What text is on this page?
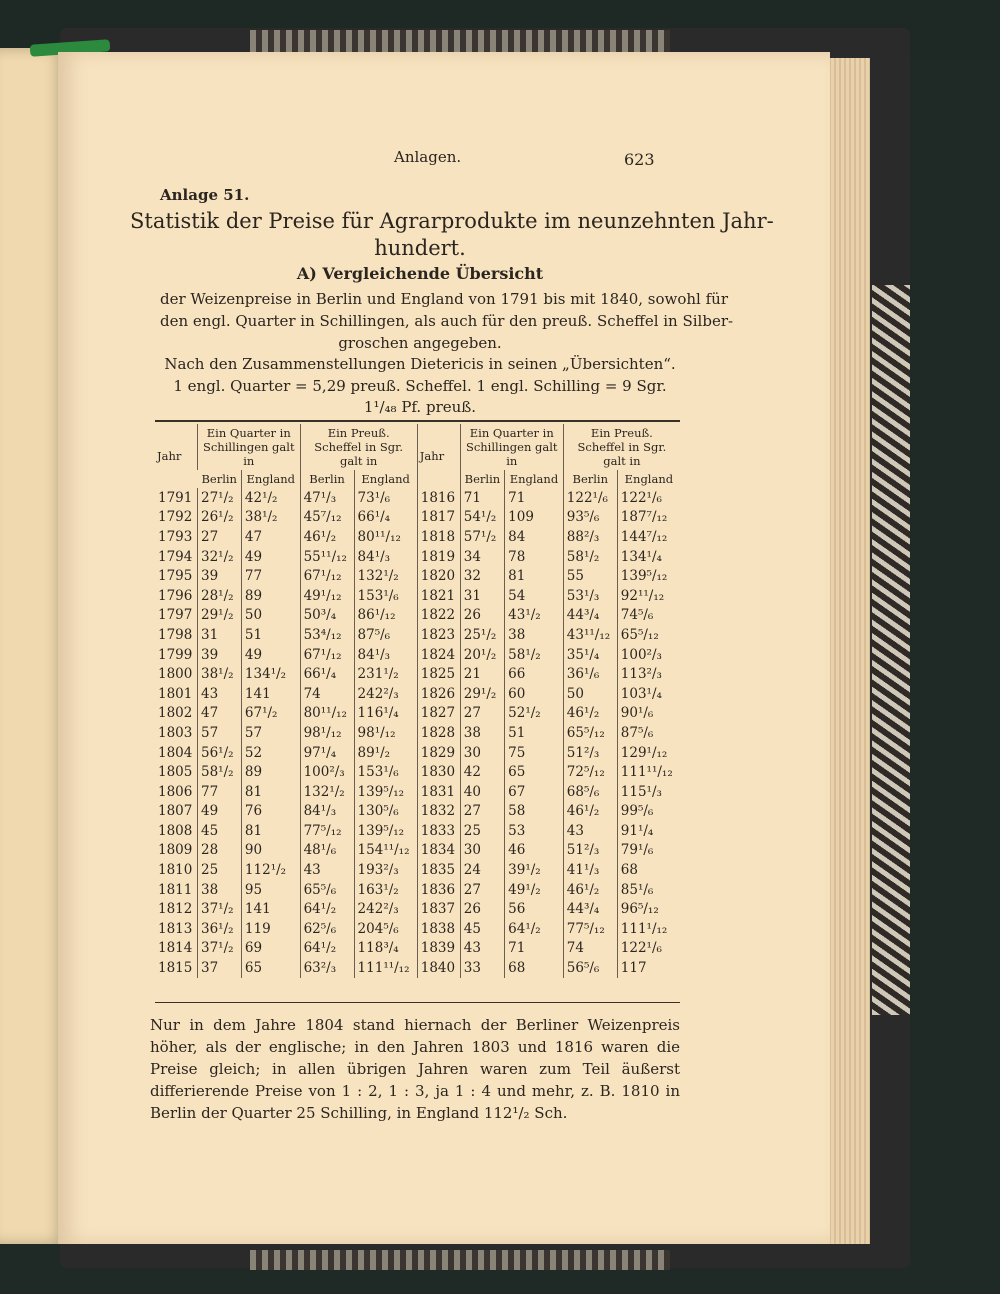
Anlagen.	623
Anlage 51.
Statistik der Preise für Agrarprodukte im neunzehnten Jahr-
hundert.
A) Vergleichende Übersicht
der Weizenpreise in Berlin und England von 1791 bis mit 1840, sowohl für
den engl. Quarter in Schillingen, als auch für den preuß. Scheffel in Silber-
groschen angegeben.
Nach den Zusammenstellungen Dietericis in seinen „Übersichten“.
1 engl. Quarter = 5,29 preuß. Scheffel. 1 engl. Schilling = 9 Sgr.
1¹/₄₈ Pf. preuß.
Jahr	Ein Quarter in Schillingen galt in		Ein Preuß. Scheffel in Sgr. galt in		Jahr	Ein Quarter in Schillingen galt in		Ein Preuß. Scheffel in Sgr. galt in	
	Berlin	England	Berlin	England		Berlin	England	Berlin	England
1791	27¹/₂	42¹/₂	47¹/₃	73¹/₆	1816	71	71	122¹/₆	122¹/₆
1792	26¹/₂	38¹/₂	45⁷/₁₂	66¹/₄	1817	54¹/₂	109	93⁵/₆	187⁷/₁₂
1793	27	47	46¹/₂	80¹¹/₁₂	1818	57¹/₂	84	88²/₃	144⁷/₁₂
1794	32¹/₂	49	55¹¹/₁₂	84¹/₃	1819	34	78	58¹/₂	134¹/₄
1795	39	77	67¹/₁₂	132¹/₂	1820	32	81	55	139⁵/₁₂
1796	28¹/₂	89	49¹/₁₂	153¹/₆	1821	31	54	53¹/₃	92¹¹/₁₂
1797	29¹/₂	50	50³/₄	86¹/₁₂	1822	26	43¹/₂	44³/₄	74⁵/₆
1798	31	51	53⁴/₁₂	87⁵/₆	1823	25¹/₂	38	43¹¹/₁₂	65⁵/₁₂
1799	39	49	67¹/₁₂	84¹/₃	1824	20¹/₂	58¹/₂	35¹/₄	100²/₃
1800	38¹/₂	134¹/₂	66¹/₄	231¹/₂	1825	21	66	36¹/₆	113²/₃
1801	43	141	74	242²/₃	1826	29¹/₂	60	50	103¹/₄
1802	47	67¹/₂	80¹¹/₁₂	116¹/₄	1827	27	52¹/₂	46¹/₂	90¹/₆
1803	57	57	98¹/₁₂	98¹/₁₂	1828	38	51	65⁵/₁₂	87⁵/₆
1804	56¹/₂	52	97¹/₄	89¹/₂	1829	30	75	51²/₃	129¹/₁₂
1805	58¹/₂	89	100²/₃	153¹/₆	1830	42	65	72⁵/₁₂	111¹¹/₁₂
1806	77	81	132¹/₂	139⁵/₁₂	1831	40	67	68⁵/₆	115¹/₃
1807	49	76	84¹/₃	130⁵/₆	1832	27	58	46¹/₂	99⁵/₆
1808	45	81	77⁵/₁₂	139⁵/₁₂	1833	25	53	43	91¹/₄
1809	28	90	48¹/₆	154¹¹/₁₂	1834	30	46	51²/₃	79¹/₆
1810	25	112¹/₂	43	193²/₃	1835	24	39¹/₂	41¹/₃	68
1811	38	95	65⁵/₆	163¹/₂	1836	27	49¹/₂	46¹/₂	85¹/₆
1812	37¹/₂	141	64¹/₂	242²/₃	1837	26	56	44³/₄	96⁵/₁₂
1813	36¹/₂	119	62⁵/₆	204⁵/₆	1838	45	64¹/₂	77⁵/₁₂	111¹/₁₂
1814	37¹/₂	69	64¹/₂	118³/₄	1839	43	71	74	122¹/₆
1815	37	65	63²/₃	111¹¹/₁₂	1840	33	68	56⁵/₆	117
Nur in dem Jahre 1804 stand hiernach der Berliner Weizenpreis höher, als der englische; in den Jahren 1803 und 1816 waren die Preise gleich; in allen übrigen Jahren waren zum Teil äußerst differierende Preise von 1 : 2, 1 : 3, ja 1 : 4 und mehr, z. B. 1810 in Berlin der Quarter 25 Schilling, in England 112¹/₂ Sch.
